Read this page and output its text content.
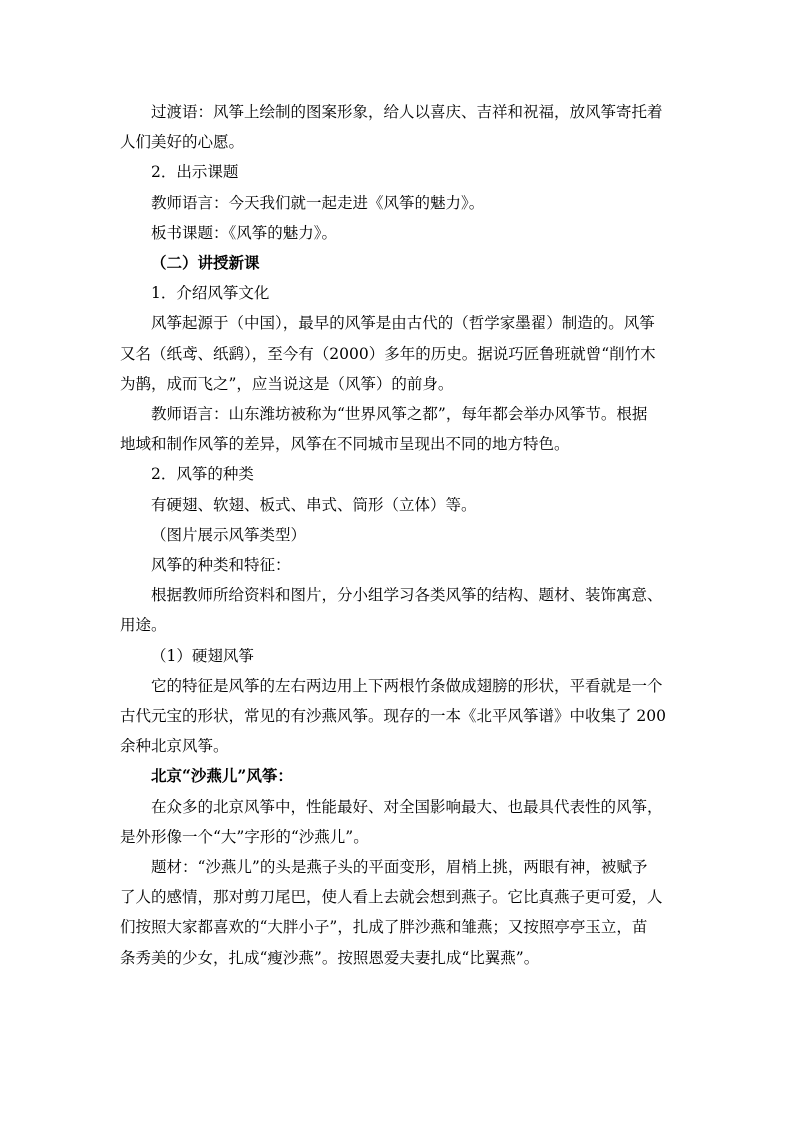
过渡语：风筝上绘制的图案形象，给人以喜庆、吉祥和祝福，放风筝寄托着
人们美好的心愿。

2．出示课题

教师语言：今天我们就一起走进《风筝的魅力》。

板书课题：《风筝的魅力》。

（二）讲授新课

1．介绍风筝文化

风筝起源于（中国），最早的风筝是由古代的（哲学家墨翟）制造的。风筝
又名（纸鸢、纸鹞），至今有（2000）多年的历史。据说巧匠鲁班就曾“削竹木
为鹊，成而飞之”，应当说这是（风筝）的前身。

教师语言：山东潍坊被称为“世界风筝之都”，每年都会举办风筝节。根据
地域和制作风筝的差异，风筝在不同城市呈现出不同的地方特色。

2．风筝的种类

有硬翅、软翅、板式、串式、筒形（立体）等。

（图片展示风筝类型）

风筝的种类和特征：

根据教师所给资料和图片，分小组学习各类风筝的结构、题材、装饰寓意、
用途。

（1）硬翅风筝

它的特征是风筝的左右两边用上下两根竹条做成翅膀的形状，平看就是一个
古代元宝的形状，常见的有沙燕风筝。现存的一本《北平风筝谱》中收集了 200
余种北京风筝。

北京“沙燕儿”风筝：

在众多的北京风筝中，性能最好、对全国影响最大、也最具代表性的风筝，
是外形像一个“大”字形的“沙燕儿”。

题材：“沙燕儿”的头是燕子头的平面变形，眉梢上挑，两眼有神，被赋予
了人的感情，那对剪刀尾巴，使人看上去就会想到燕子。它比真燕子更可爱，人
们按照大家都喜欢的“大胖小子”，扎成了胖沙燕和雏燕；又按照亭亭玉立，苗
条秀美的少女，扎成“瘦沙燕”。按照恩爱夫妻扎成“比翼燕”。
